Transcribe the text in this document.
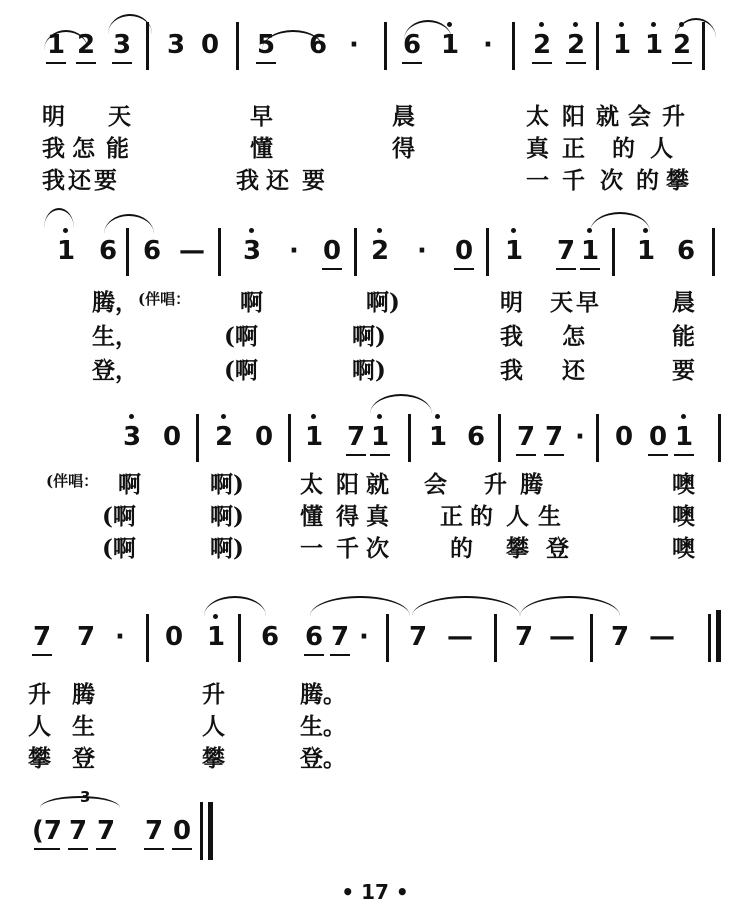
1 2 3 3 0 5 6 ·	6 1 ·	2 2 1 1 2
明 天	早	晨	太 阳 就 会 升
我 怎 能	懂	得	真 正 的 人
我 还 要	我 还 要	一 千 次 的 攀
1 6 6 — 3	· 0 2	·	0 1 7 1 1 6
腾， (伴唱： 啊	啊)	明 天 早	晨
生，	(啊	啊)	我 怎	能
登，	(啊	啊)	我 还	要
3 0 2 0 1 7 1 1 6 7 7 ·	0 0 1
(伴唱： 啊	啊) 太 阳 就 会 升 腾	噢
(啊	啊) 懂 得 真 正 的 人 生	噢
(啊	啊) 一 千 次	的 攀 登	噢
7 7 ·	0 1 6 6 7 ·	7 — 7 — 7 —
升 腾	升	腾。
人 生	人	生。
攀 登	攀	登。
3
(7 7 7 7 0
• 17 •
